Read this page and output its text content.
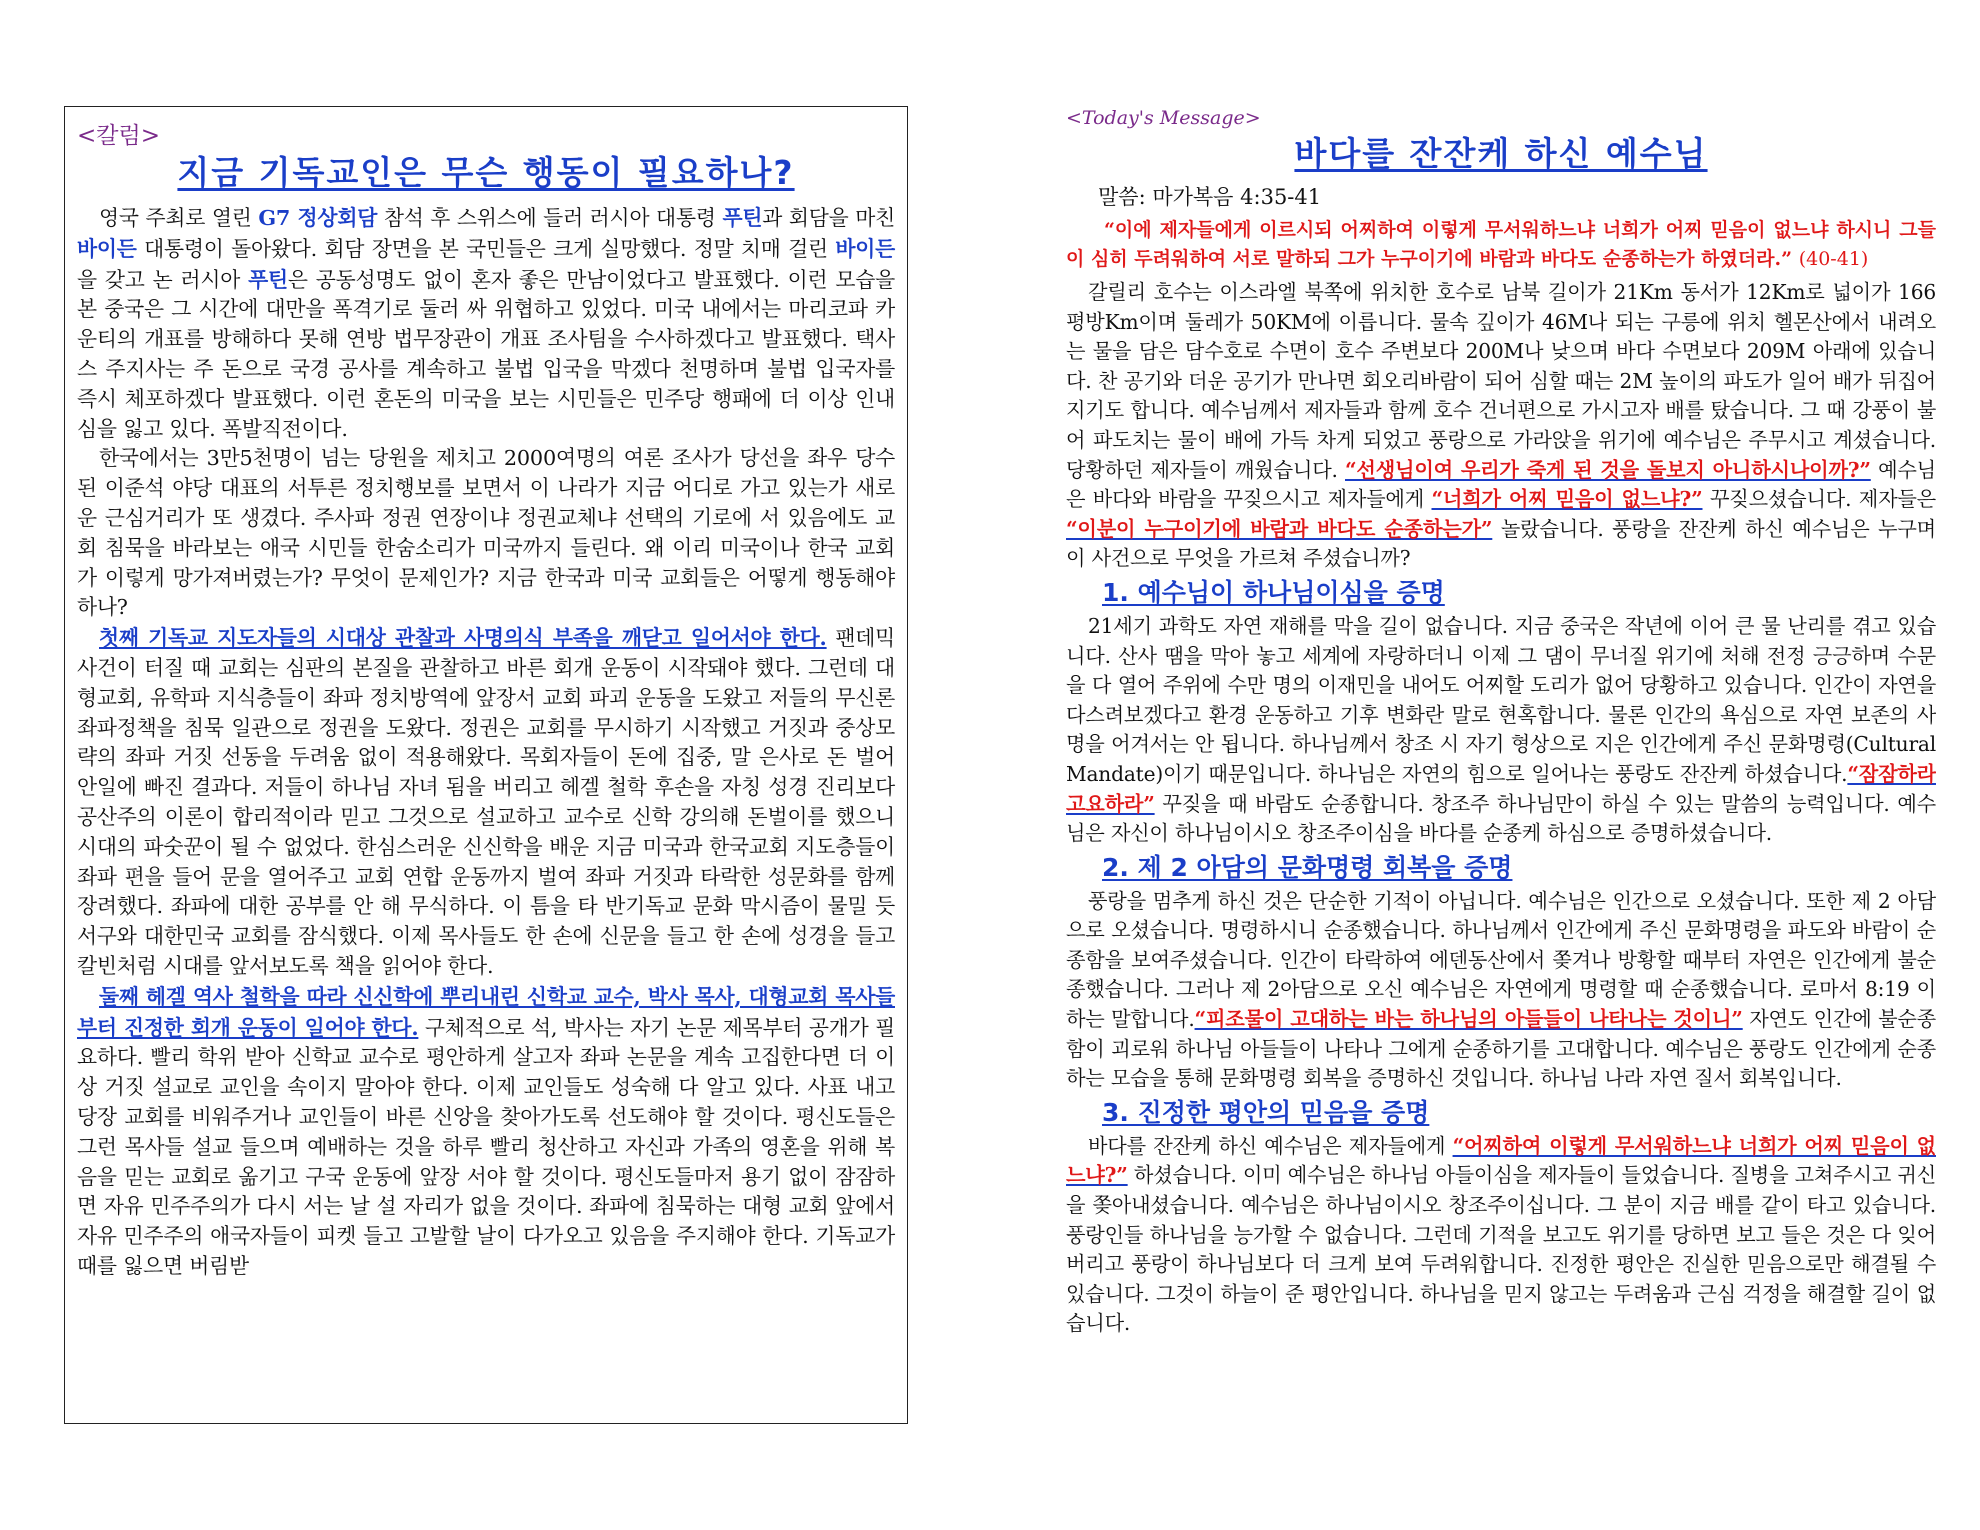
<칼럼>
지금 기독교인은 무슨 행동이 필요하나?

영국 주최로 열린 G7 정상회담 참석 후 스위스에 들러 러시아 대통령 푸틴과 회담을 마친 바이든 대통령이 돌아왔다. 회담 장면을 본 국민들은 크게 실망했다. 정말 치매 걸린 바이든을 갖고 논 러시아 푸틴은 공동성명도 없이 혼자 좋은 만남이었다고 발표했다. 이런 모습을 본 중국은 그 시간에 대만을 폭격기로 둘러 싸 위협하고 있었다. 미국 내에서는 마리코파 카운티의 개표를 방해하다 못해 연방 법무장관이 개표 조사팀을 수사하겠다고 발표했다. 택사스 주지사는 주 돈으로 국경 공사를 계속하고 불법 입국을 막겠다 천명하며 불법 입국자를 즉시 체포하겠다 발표했다. 이런 혼돈의 미국을 보는 시민들은 민주당 행패에 더 이상 인내심을 잃고 있다. 폭발직전이다.

한국에서는 3만5천명이 넘는 당원을 제치고 2000여명의 여론 조사가 당선을 좌우 당수 된 이준석 야당 대표의 서투른 정치행보를 보면서 이 나라가 지금 어디로 가고 있는가 새로운 근심거리가 또 생겼다. 주사파 정권 연장이냐 정권교체냐 선택의 기로에 서 있음에도 교회 침묵을 바라보는 애국 시민들 한숨소리가 미국까지 들린다. 왜 이리 미국이나 한국 교회가 이렇게 망가져버렸는가? 무엇이 문제인가? 지금 한국과 미국 교회들은 어떻게 행동해야 하나?

첫째 기독교 지도자들의 시대상 관찰과 사명의식 부족을 깨닫고 일어서야 한다. 팬데믹 사건이 터질 때 교회는 심판의 본질을 관찰하고 바른 회개 운동이 시작돼야 했다. 그런데 대형교회, 유학파 지식층들이 좌파 정치방역에 앞장서 교회 파괴 운동을 도왔고 저들의 무신론 좌파정책을 침묵 일관으로 정권을 도왔다. 정권은 교회를 무시하기 시작했고 거짓과 중상모략의 좌파 거짓 선동을 두려움 없이 적용해왔다. 목회자들이 돈에 집중, 말 은사로 돈 벌어 안일에 빠진 결과다. 저들이 하나님 자녀 됨을 버리고 헤겔 철학 후손을 자칭 성경 진리보다 공산주의 이론이 합리적이라 믿고 그것으로 설교하고 교수로 신학 강의해 돈벌이를 했으니 시대의 파숫꾼이 될 수 없었다. 한심스러운 신신학을 배운 지금 미국과 한국교회 지도층들이 좌파 편을 들어 문을 열어주고 교회 연합 운동까지 벌여 좌파 거짓과 타락한 성문화를 함께 장려했다. 좌파에 대한 공부를 안 해 무식하다. 이 틈을 타 반기독교 문화 막시즘이 물밀 듯 서구와 대한민국 교회를 잠식했다. 이제 목사들도 한 손에 신문을 들고 한 손에 성경을 들고 칼빈처럼 시대를 앞서보도록 책을 읽어야 한다.

둘째 헤겔 역사 철학을 따라 신신학에 뿌리내린 신학교 교수, 박사 목사, 대형교회 목사들부터 진정한 회개 운동이 일어야 한다. 구체적으로 석, 박사는 자기 논문 제목부터 공개가 필요하다. 빨리 학위 받아 신학교 교수로 평안하게 살고자 좌파 논문을 계속 고집한다면 더 이상 거짓 설교로 교인을 속이지 말아야 한다. 이제 교인들도 성숙해 다 알고 있다. 사표 내고 당장 교회를 비워주거나 교인들이 바른 신앙을 찾아가도록 선도해야 할 것이다. 평신도들은 그런 목사들 설교 들으며 예배하는 것을 하루 빨리 청산하고 자신과 가족의 영혼을 위해 복음을 믿는 교회로 옮기고 구국 운동에 앞장 서야 할 것이다. 평신도들마저 용기 없이 잠잠하면 자유 민주주의가 다시 서는 날 설 자리가 없을 것이다. 좌파에 침묵하는 대형 교회 앞에서 자유 민주주의 애국자들이 피켓 들고 고발할 날이 다가오고 있음을 주지해야 한다. 기독교가 때를 잃으면 버림받

<Today's Message>
바다를 잔잔케 하신 예수님
말씀: 마가복음 4:35-41

“이에 제자들에게 이르시되 어찌하여 이렇게 무서워하느냐 너희가 어찌 믿음이 없느냐 하시니 그들이 심히 두려워하여 서로 말하되 그가 누구이기에 바람과 바다도 순종하는가 하였더라.” (40-41)

갈릴리 호수는 이스라엘 북쪽에 위치한 호수로 남북 길이가 21Km 동서가 12Km로 넓이가 166평방Km이며 둘레가 50KM에 이릅니다. 물속 깊이가 46M나 되는 구릉에 위치 헬몬산에서 내려오는 물을 담은 담수호로 수면이 호수 주변보다 200M나 낮으며 바다 수면보다 209M 아래에 있습니다. 찬 공기와 더운 공기가 만나면 회오리바람이 되어 심할 때는 2M 높이의 파도가 일어 배가 뒤집어지기도 합니다. 예수님께서 제자들과 함께 호수 건너편으로 가시고자 배를 탔습니다. 그 때 강풍이 불어 파도치는 물이 배에 가득 차게 되었고 풍랑으로 가라앉을 위기에 예수님은 주무시고 계셨습니다. 당황하던 제자들이 깨웠습니다. “선생님이여 우리가 죽게 된 것을 돌보지 아니하시나이까?” 예수님은 바다와 바람을 꾸짖으시고 제자들에게 “너희가 어찌 믿음이 없느냐?” 꾸짖으셨습니다. 제자들은 “이분이 누구이기에 바람과 바다도 순종하는가” 놀랐습니다. 풍랑을 잔잔케 하신 예수님은 누구며 이 사건으로 무엇을 가르쳐 주셨습니까?

1. 예수님이 하나님이심을 증명

21세기 과학도 자연 재해를 막을 길이 없습니다. 지금 중국은 작년에 이어 큰 물 난리를 겪고 있습니다. 산사 땜을 막아 놓고 세계에 자랑하더니 이제 그 댐이 무너질 위기에 처해 전정 긍긍하며 수문을 다 열어 주위에 수만 명의 이재민을 내어도 어찌할 도리가 없어 당황하고 있습니다. 인간이 자연을 다스려보겠다고 환경 운동하고 기후 변화란 말로 현혹합니다. 물론 인간의 욕심으로 자연 보존의 사명을 어겨서는 안 됩니다. 하나님께서 창조 시 자기 형상으로 지은 인간에게 주신 문화명령(Cultural Mandate)이기 때문입니다. 하나님은 자연의 힘으로 일어나는 풍랑도 잔잔케 하셨습니다.“잠잠하라 고요하라” 꾸짖을 때 바람도 순종합니다. 창조주 하나님만이 하실 수 있는 말씀의 능력입니다. 예수님은 자신이 하나님이시오 창조주이심을 바다를 순종케 하심으로 증명하셨습니다.

2. 제 2 아담의 문화명령 회복을 증명

풍랑을 멈추게 하신 것은 단순한 기적이 아닙니다. 예수님은 인간으로 오셨습니다. 또한 제 2 아담으로 오셨습니다. 명령하시니 순종했습니다. 하나님께서 인간에게 주신 문화명령을 파도와 바람이 순종함을 보여주셨습니다. 인간이 타락하여 에덴동산에서 쫒겨나 방황할 때부터 자연은 인간에게 불순종했습니다. 그러나 제 2아담으로 오신 예수님은 자연에게 명령할 때 순종했습니다. 로마서 8:19 이하는 말합니다.“피조물이 고대하는 바는 하나님의 아들들이 나타나는 것이니” 자연도 인간에 불순종함이 괴로워 하나님 아들들이 나타나 그에게 순종하기를 고대합니다. 예수님은 풍랑도 인간에게 순종하는 모습을 통해 문화명령 회복을 증명하신 것입니다. 하나님 나라 자연 질서 회복입니다.

3. 진정한 평안의 믿음을 증명

바다를 잔잔케 하신 예수님은 제자들에게 “어찌하여 이렇게 무서워하느냐 너희가 어찌 믿음이 없느냐?” 하셨습니다. 이미 예수님은 하나님 아들이심을 제자들이 들었습니다. 질병을 고쳐주시고 귀신을 쫒아내셨습니다. 예수님은 하나님이시오 창조주이십니다. 그 분이 지금 배를 같이 타고 있습니다. 풍랑인들 하나님을 능가할 수 없습니다. 그런데 기적을 보고도 위기를 당하면 보고 들은 것은 다 잊어버리고 풍랑이 하나님보다 더 크게 보여 두려워합니다. 진정한 평안은 진실한 믿음으로만 해결될 수 있습니다. 그것이 하늘이 준 평안입니다. 하나님을 믿지 않고는 두려움과 근심 걱정을 해결할 길이 없습니다.
